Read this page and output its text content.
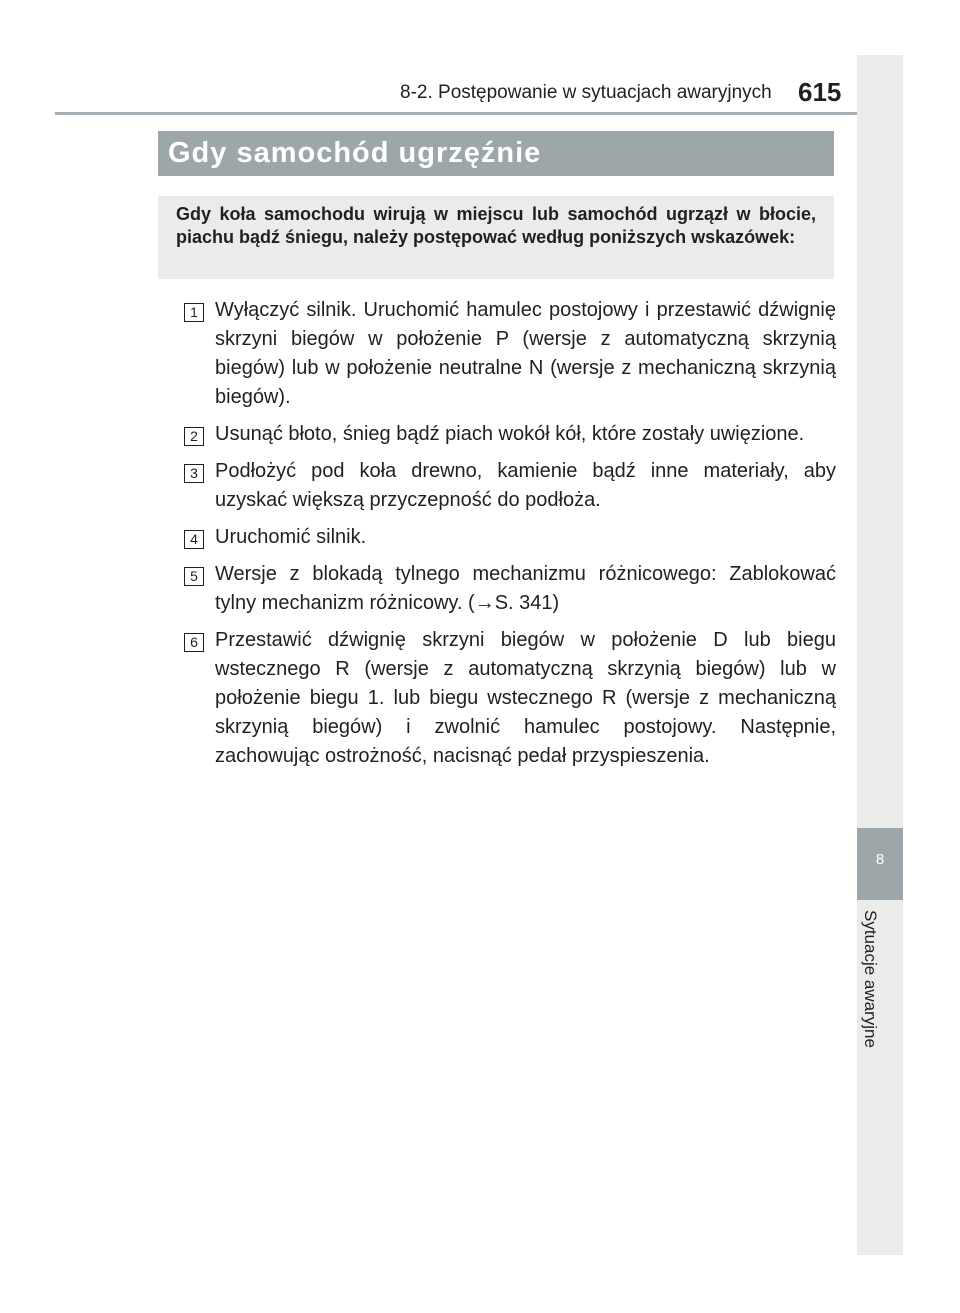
8-2. Postępowanie w sytuacjach awaryjnych 615
8
Sytuacje awaryjne
Gdy samochód ugrzęźnie
Gdy koła samochodu wirują w miejscu lub samochód ugrzązł w błocie, piachu bądź śniegu, należy postępować według poniższych wskazówek:
1 Wyłączyć silnik. Uruchomić hamulec postojowy i przestawić dźwignię skrzyni biegów w położenie P (wersje z automatyczną skrzynią biegów) lub w położenie neutralne N (wersje z mechaniczną skrzynią biegów).
2 Usunąć błoto, śnieg bądź piach wokół kół, które zostały uwięzione.
3 Podłożyć pod koła drewno, kamienie bądź inne materiały, aby uzyskać większą przyczepność do podłoża.
4 Uruchomić silnik.
5 Wersje z blokadą tylnego mechanizmu różnicowego: Zablokować tylny mechanizm różnicowy. (→S. 341)
6 Przestawić dźwignię skrzyni biegów w położenie D lub biegu wstecznego R (wersje z automatyczną skrzynią biegów) lub w położenie biegu 1. lub biegu wstecznego R (wersje z mechaniczną skrzynią biegów) i zwolnić hamulec postojowy. Następnie, zachowując ostrożność, nacisnąć pedał przyspieszenia.
